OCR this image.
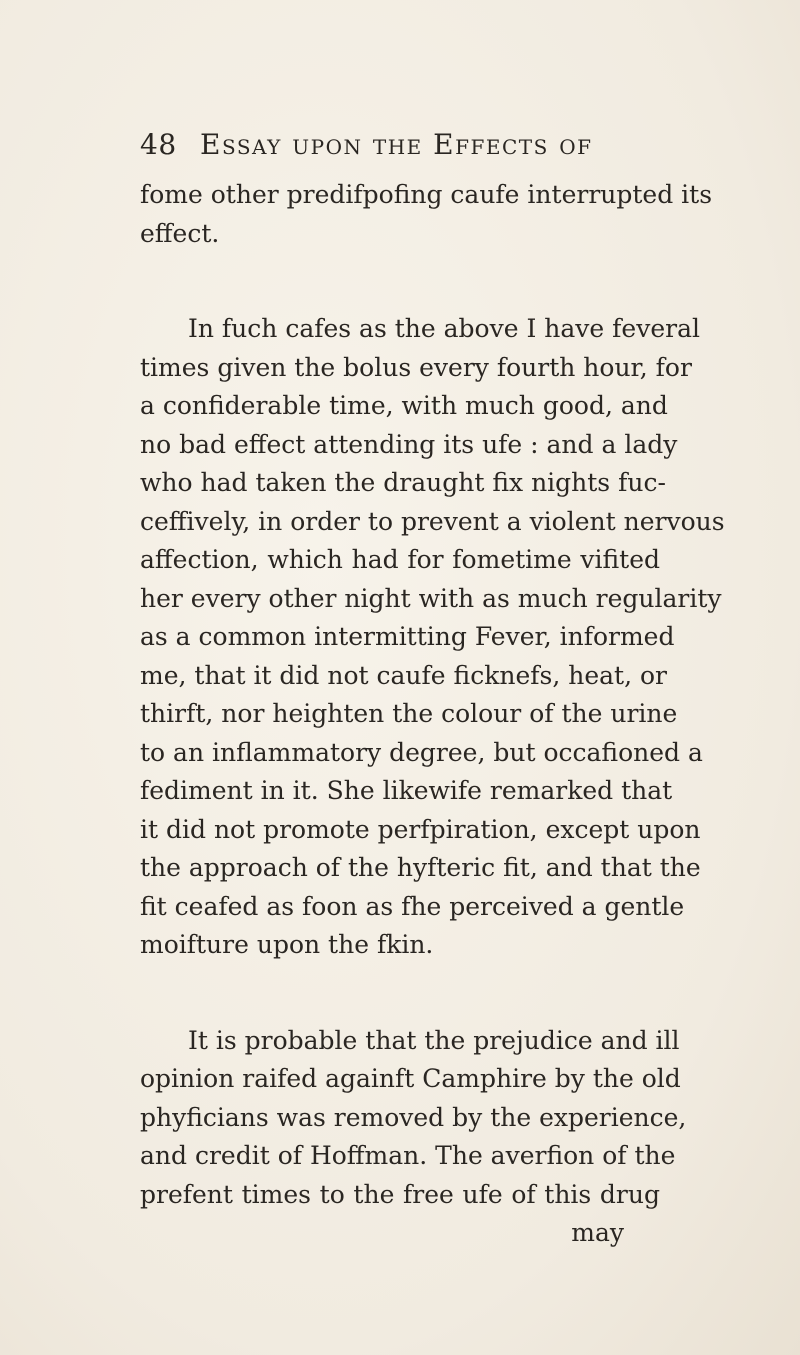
48 Essay upon the Effects of
fome other predifpofing caufe interrupted its
effect.
In fuch cafes as the above I have feveral
times given the bolus every fourth hour, for
a confiderable time, with much good, and
no bad effect attending its ufe : and a lady
who had taken the draught fix nights fuc-
ceffively, in order to prevent a violent nervous
affection, which had for fometime vifited
her every other night with as much regularity
as a common intermitting Fever, informed
me, that it did not caufe ficknefs, heat, or
thirft, nor heighten the colour of the urine
to an inflammatory degree, but occafioned a
fediment in it. She likewife remarked that
it did not promote perfpiration, except upon
the approach of the hyfteric fit, and that the
fit ceafed as foon as fhe perceived a gentle
moifture upon the fkin.
It is probable that the prejudice and ill
opinion raifed againft Camphire by the old
phyficians was removed by the experience,
and credit of Hoffman. The averfion of the
prefent times to the free ufe of this drug
may
